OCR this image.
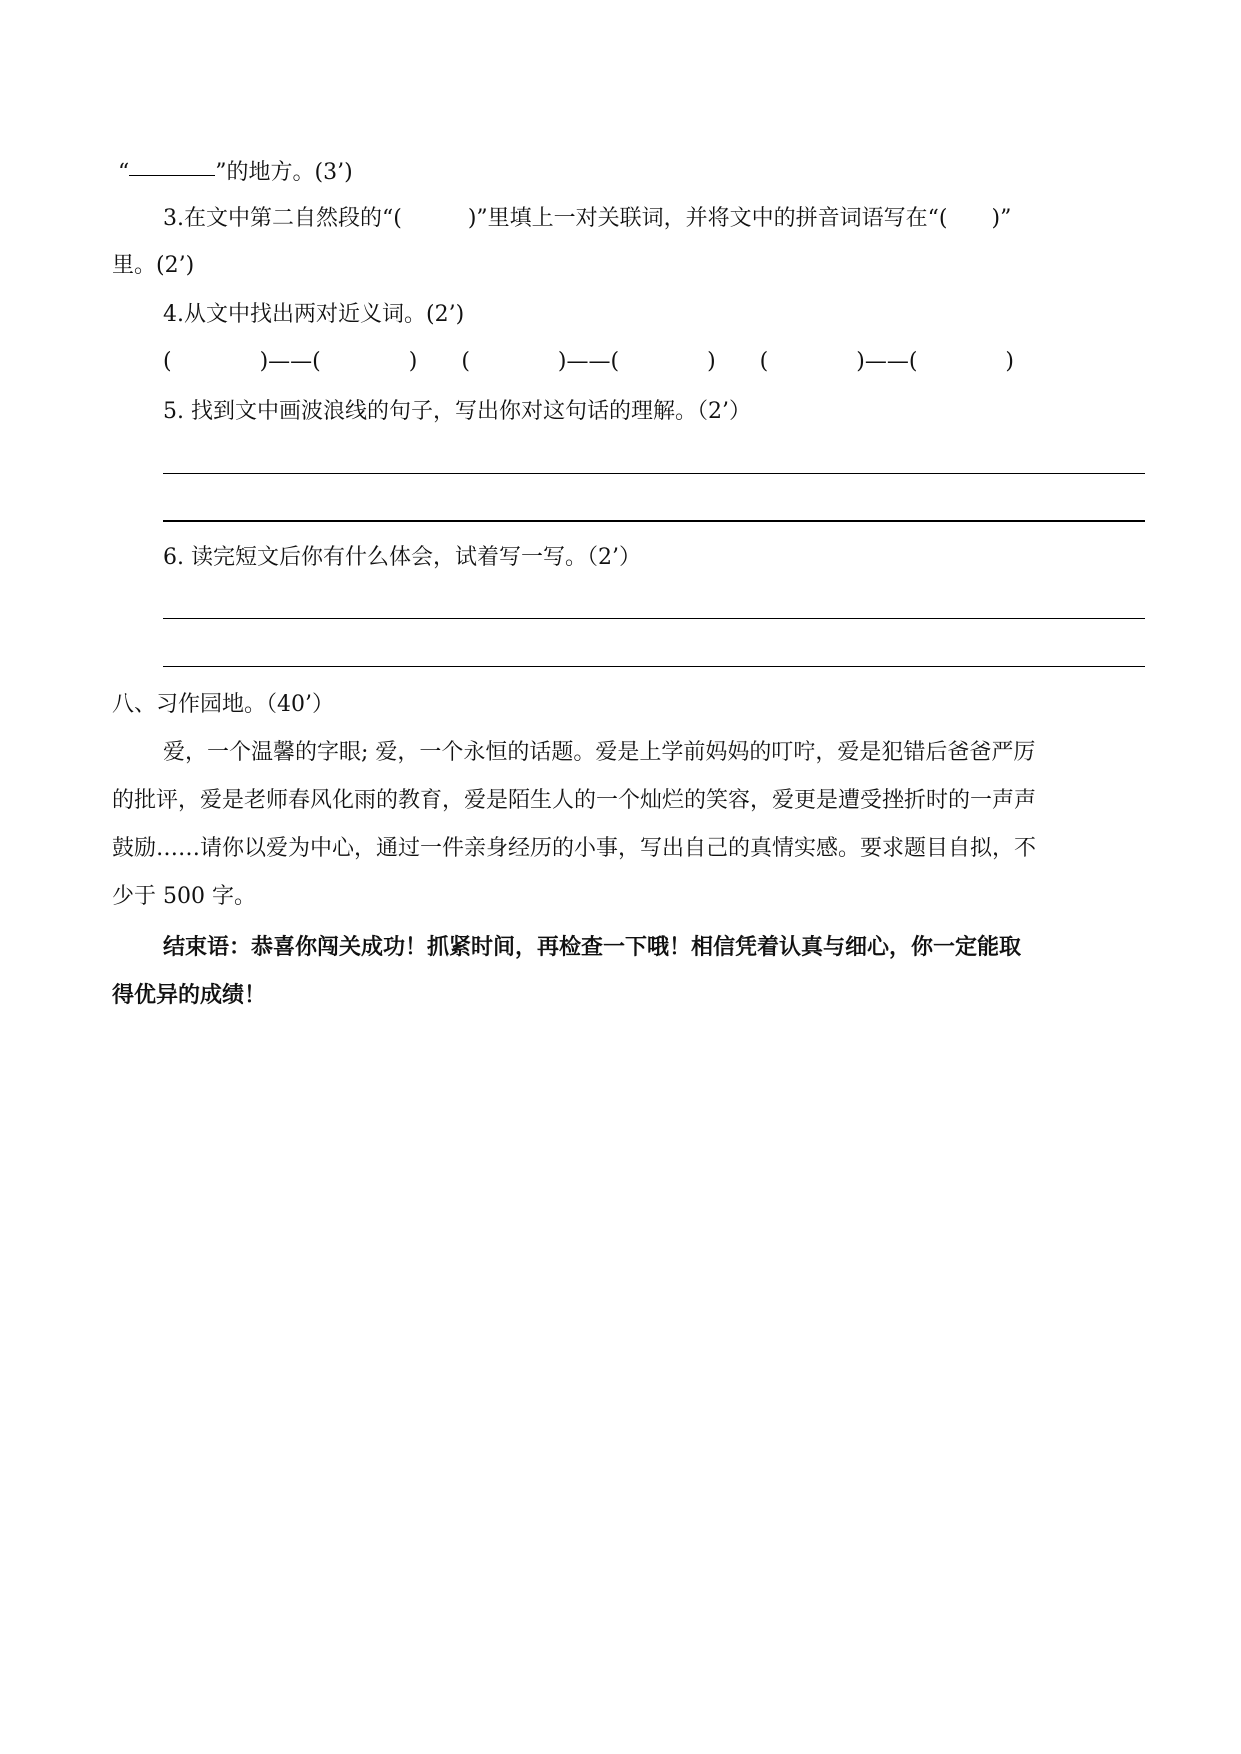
“	”的地方。(3’)
3.在文中第二自然段的“(　　　)”里填上一对关联词，并将文中的拼音词语写在“(　　)”
里。(2’)
4.从文中找出两对近义词。(2’)
(　　　　)——(　　　　)　　(　　　　)——(　　　　)　　(　　　　)——(　　　　)
5. 找到文中画波浪线的句子，写出你对这句话的理解。（2’）
6. 读完短文后你有什么体会，试着写一写。（2’）
八、习作园地。（40’）
爱，一个温馨的字眼; 爱，一个永恒的话题。爱是上学前妈妈的叮咛，爱是犯错后爸爸严厉
的批评，爱是老师春风化雨的教育，爱是陌生人的一个灿烂的笑容，爱更是遭受挫折时的一声声
鼓励……请你以爱为中心，通过一件亲身经历的小事，写出自己的真情实感。要求题目自拟，不
少于 500 字。
结束语：恭喜你闯关成功！抓紧时间，再检查一下哦！相信凭着认真与细心，你一定能取
得优异的成绩！
